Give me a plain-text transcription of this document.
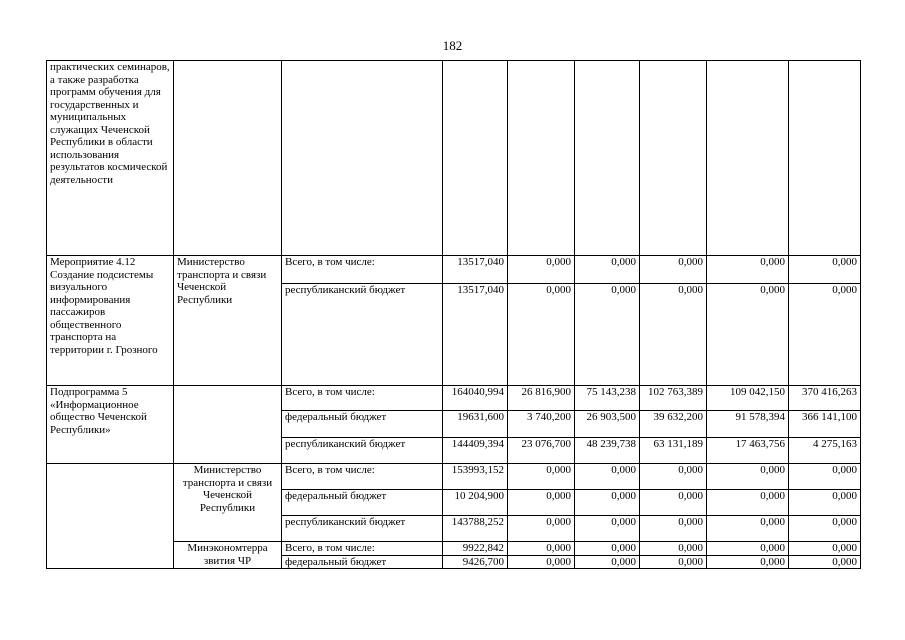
182
практических семинаров, а также разработка программ обучения для государственных и муниципальных служащих Чеченской Республики в области использования результатов космической деятельности								
Мероприятие 4.12 Создание подсистемы визуального информирования пассажиров общественного транспорта на территории г. Грозного	Министерство транспорта и связи Чеченской Республики	Всего, в том числе:	13517,040	0,000	0,000	0,000	0,000	0,000
		республиканский бюджет	13517,040	0,000	0,000	0,000	0,000	0,000
Подпрограмма 5 «Информационное общество Чеченской Республики»		Всего, в том числе:	164040,994	26 816,900	75 143,238	102 763,389	109 042,150	370 416,263
		федеральный бюджет	19631,600	3 740,200	26 903,500	39 632,200	91 578,394	366 141,100
		республиканский бюджет	144409,394	23 076,700	48 239,738	63 131,189	17 463,756	4 275,163
	Министерство транспорта и связи Чеченской Республики	Всего, в том числе:	153993,152	0,000	0,000	0,000	0,000	0,000
		федеральный бюджет	10 204,900	0,000	0,000	0,000	0,000	0,000
		республиканский бюджет	143788,252	0,000	0,000	0,000	0,000	0,000
	Минэкономтерра звития ЧР	Всего, в том числе:	9922,842	0,000	0,000	0,000	0,000	0,000
		федеральный бюджет	9426,700	0,000	0,000	0,000	0,000	0,000
